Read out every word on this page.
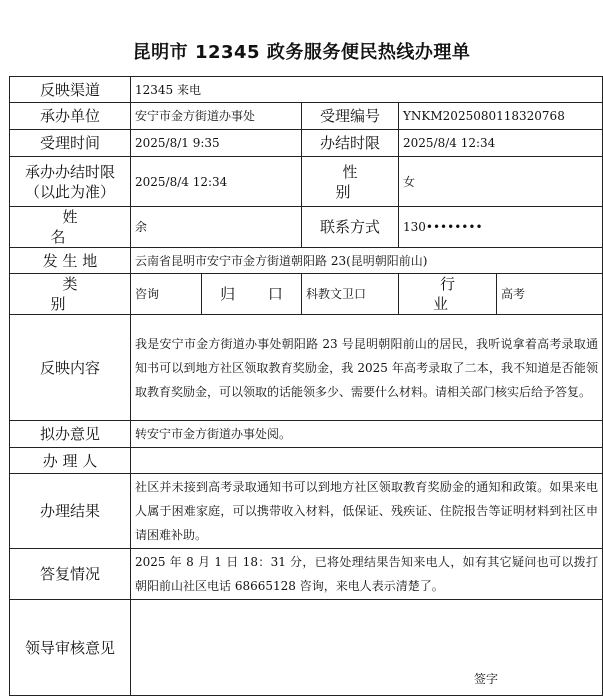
昆明市 12345 政务服务便民热线办理单
反映渠道	12345 来电				
承办单位	安宁市金方街道办事处		受理编号	YNKM20250801183207​68	
受理时间	2025/8/1 9:35		办结时限	2025/8/4 12:34	

承办办结时限
（以此为准）	2025/8/4 12:34		性 别	女	
姓 名	余		联系方式	130••••••••	
发 生 地	云南省昆明市安宁市金方街道朝阳路 23(昆明朝阳前山)				
类 别	咨询	归 口	科教文卫口	行 业	高考
反映内容	我是安宁市金方街道办事处朝阳路 23 号昆明朝阳前山的居民，我听说拿着高考录取通知书可以到地方社区领取教育奖励金，我 2025 年高考录取了二本，我不知道是否能领取教育奖励金，可以领取的话能领多少、需要什么材料。请相关部门核实后给予答复。				
拟办意见	转安宁市金方街道办事处阅。				
办 理 人					
办理结果	社区并未接到高考录取通知书可以到地方社区领取教育奖励金的通知和政策。如果来电人属于困难家庭，可以携带收入材料，低保证、残疾证、住院报告等证明材料到社区申请困难补助。				
答复情况	2025 年 8 月 1 日 18：31 分，已将处理结果告知来电人，如有其它疑问也可以拨打朝阳前山社区电话 68665128 咨询，来电人表示清楚了。				
领导审核意见	签字				
